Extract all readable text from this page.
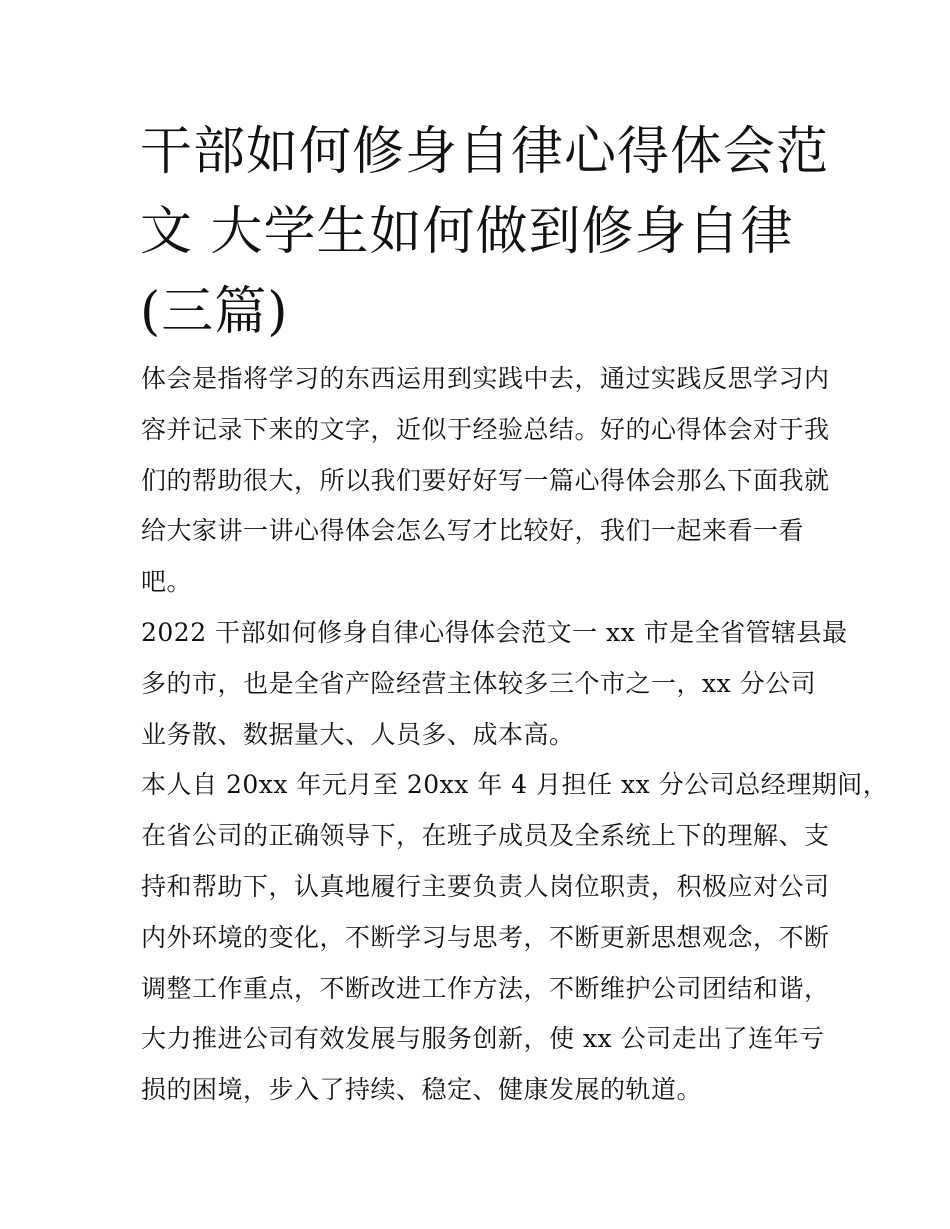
干部如何修身自律心得体会范
文 大学生如何做到修身自律
(三篇)
体会是指将学习的东西运用到实践中去，通过实践反思学习内
容并记录下来的文字，近似于经验总结。好的心得体会对于我
们的帮助很大，所以我们要好好写一篇心得体会那么下面我就
给大家讲一讲心得体会怎么写才比较好，我们一起来看一看
吧。
2022 干部如何修身自律心得体会范文一 xx 市是全省管辖县最
多的市，也是全省产险经营主体较多三个市之一，xx 分公司
业务散、数据量大、人员多、成本高。
本人自 20xx 年元月至 20xx 年 4 月担任 xx 分公司总经理期间，
在省公司的正确领导下，在班子成员及全系统上下的理解、支
持和帮助下，认真地履行主要负责人岗位职责，积极应对公司
内外环境的变化，不断学习与思考，不断更新思想观念，不断
调整工作重点，不断改进工作方法，不断维护公司团结和谐，
大力推进公司有效发展与服务创新，使 xx 公司走出了连年亏
损的困境，步入了持续、稳定、健康发展的轨道。
